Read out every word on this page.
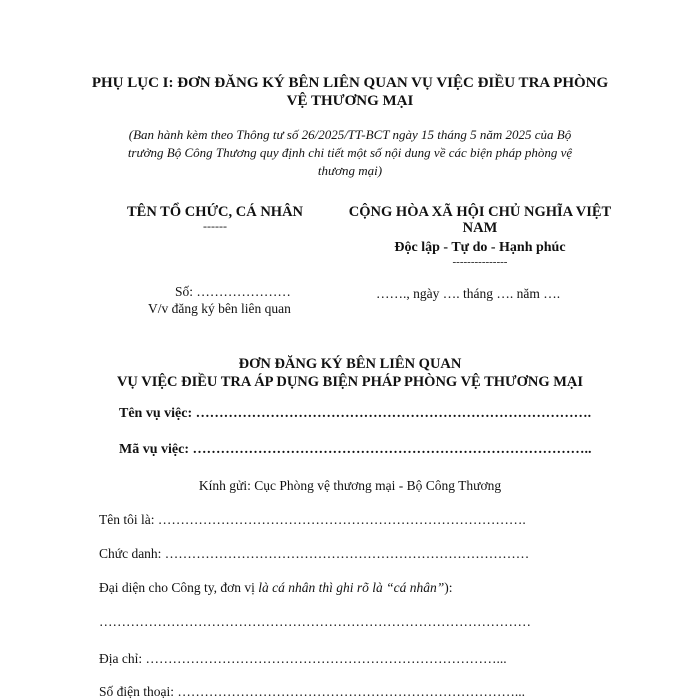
PHỤ LỤC I: ĐƠN ĐĂNG KÝ BÊN LIÊN QUAN VỤ VIỆC ĐIỀU TRA PHÒNG
VỆ THƯƠNG MẠI
(Ban hành kèm theo Thông tư số 26/2025/TT-BCT ngày 15 tháng 5 năm 2025 của Bộ
trưởng Bộ Công Thương quy định chi tiết một số nội dung về các biện pháp phòng vệ
thương mại)
TÊN TỔ CHỨC, CÁ NHÂN
------
Số: …………………
V/v đăng ký bên liên quan
CỘNG HÒA XÃ HỘI CHỦ NGHĨA VIỆT
NAM
Độc lập - Tự do - Hạnh phúc
---------------
……., ngày …. tháng …. năm ….
ĐƠN ĐĂNG KÝ BÊN LIÊN QUAN
VỤ VIỆC ĐIỀU TRA ÁP DỤNG BIỆN PHÁP PHÒNG VỆ THƯƠNG MẠI
Tên vụ việc: ………………………………………………………………………….
Mã vụ việc: …………………………………………………………………………..
Kính gửi: Cục Phòng vệ thương mại - Bộ Công Thương
Tên tôi là: ……………………………………………………………………….
Chức danh: ………………………………………………………………………
Đại diện cho Công ty, đơn vị là cá nhân thì ghi rõ là “cá nhân”):
……………………………………………………………………………………
Địa chỉ: ……………………………………………………………………...
Số điện thoại: …………………………………………………………………...
